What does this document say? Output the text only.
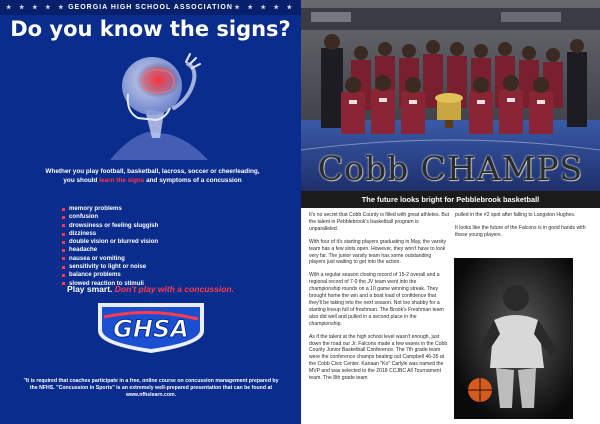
★ ★ ★ ★ ★ GEORGIA HIGH SCHOOL ASSOCIATION ★ ★ ★ ★ ★
Do you know the signs?
Whether you play football, basketball, lacross, soccer or cheerleading, you should learn the signs and symptoms of a concussion
memory problems
confusion
drowsiness or feeling sluggish
dizziness
double vision or blurred vision
headache
nausea or vomiting
sensitivity to light or noise
balance problems
slowed reaction to stimuli
Play smart. Don't play with a concussion.
GHSA
"It is required that coaches participate in a free, online course on concussion management prepared by the NFHS. "Concussion in Sports" is an extremely well-prepared presentation that can be found at www.nfhslearn.com.
Cobb CHAMPS
The future looks bright for Pebblebrook basketball

It's no secret that Cobb County is filled with great athletes. But the talent in Pebblebrook's basketball program is unparalleled.

With four of it's starting players graduating in May, the varsity team has a few slots open. However, they won't have to look very far. The junior varsity team has some outstanding players just waiting to get into the action.

With a regular season closing record of 15-2 overall and a regional record of 7-0 the JV team went into the championship rounds on a 10 game winning streak. They brought home the win and a boat load of confidence that they'll be taking into the next season. Not too shabby for a starting lineup full of freshman. The Brook's Freshman team also did well and pulled in a second place in the championship.

As if the talent at the high school level wasn't enough, just down the road our Jr. Falcons made a few waves in the Cobb County Junior Basketball Conference. The 7th grade team were the conference champs beating out Campbell 46-35 at the Cobb Civic Center. Kanaan "Ko" Carlyle was named the MVP and was selected to the 2018 CCJBC All Tournament team. The 8th grade team

pulled in the #2 spot after falling to Langston Hughes.

It looks like the future of the Falcons is in good hands with these young players.
